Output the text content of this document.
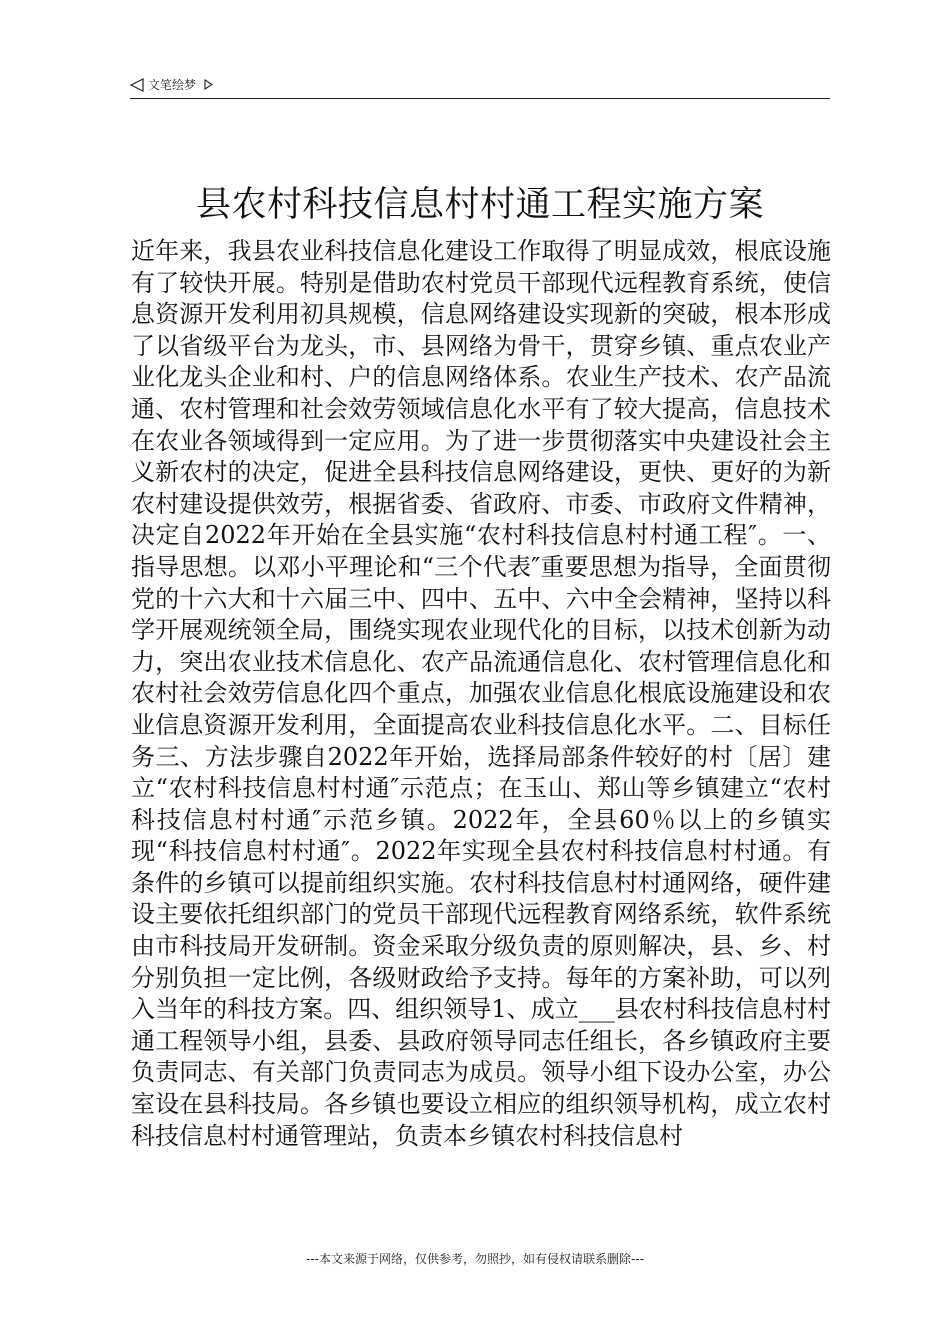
文笔绘梦
县农村科技信息村村通工程实施方案

近年来，我县农业科技信息化建设工作取得了明显成效，根底设施有了较快开展。特别是借助农村党员干部现代远程教育系统，使信息资源开发利用初具规模，信息网络建设实现新的突破，根本形成了以省级平台为龙头，市、县网络为骨干，贯穿乡镇、重点农业产业化龙头企业和村、户的信息网络体系。农业生产技术、农产品流通、农村管理和社会效劳领域信息化水平有了较大提高，信息技术在农业各领域得到一定应用。为了进一步贯彻落实中央建设社会主义新农村的决定，促进全县科技信息网络建设，更快、更好的为新农村建设提供效劳，根据省委、省政府、市委、市政府文件精神，决定自2022年开始在全县实施“农村科技信息村村通工程″。一、指导思想。以邓小平理论和“三个代表″重要思想为指导，全面贯彻党的十六大和十六届三中、四中、五中、六中全会精神，坚持以科学开展观统领全局，围绕实现农业现代化的目标，以技术创新为动力，突出农业技术信息化、农产品流通信息化、农村管理信息化和农村社会效劳信息化四个重点，加强农业信息化根底设施建设和农业信息资源开发利用，全面提高农业科技信息化水平。二、目标任务三、方法步骤自2022年开始，选择局部条件较好的村〔居〕建立“农村科技信息村村通″示范点；在玉山、郑山等乡镇建立“农村科技信息村村通″示范乡镇。2022年，全县60％以上的乡镇实现“科技信息村村通″。2022年实现全县农村科技信息村村通。有条件的乡镇可以提前组织实施。农村科技信息村村通网络，硬件建设主要依托组织部门的党员干部现代远程教育网络系统，软件系统由市科技局开发研制。资金采取分级负责的原则解决，县、乡、村分别负担一定比例，各级财政给予支持。每年的方案补助，可以列入当年的科技方案。四、组织领导1、成立___县农村科技信息村村通工程领导小组，县委、县政府领导同志任组长，各乡镇政府主要负责同志、有关部门负责同志为成员。领导小组下设办公室，办公室设在县科技局。各乡镇也要设立相应的组织领导机构，成立农村科技信息村村通管理站，负责本乡镇农村科技信息村

---本文来源于网络，仅供参考，勿照抄，如有侵权请联系删除---
